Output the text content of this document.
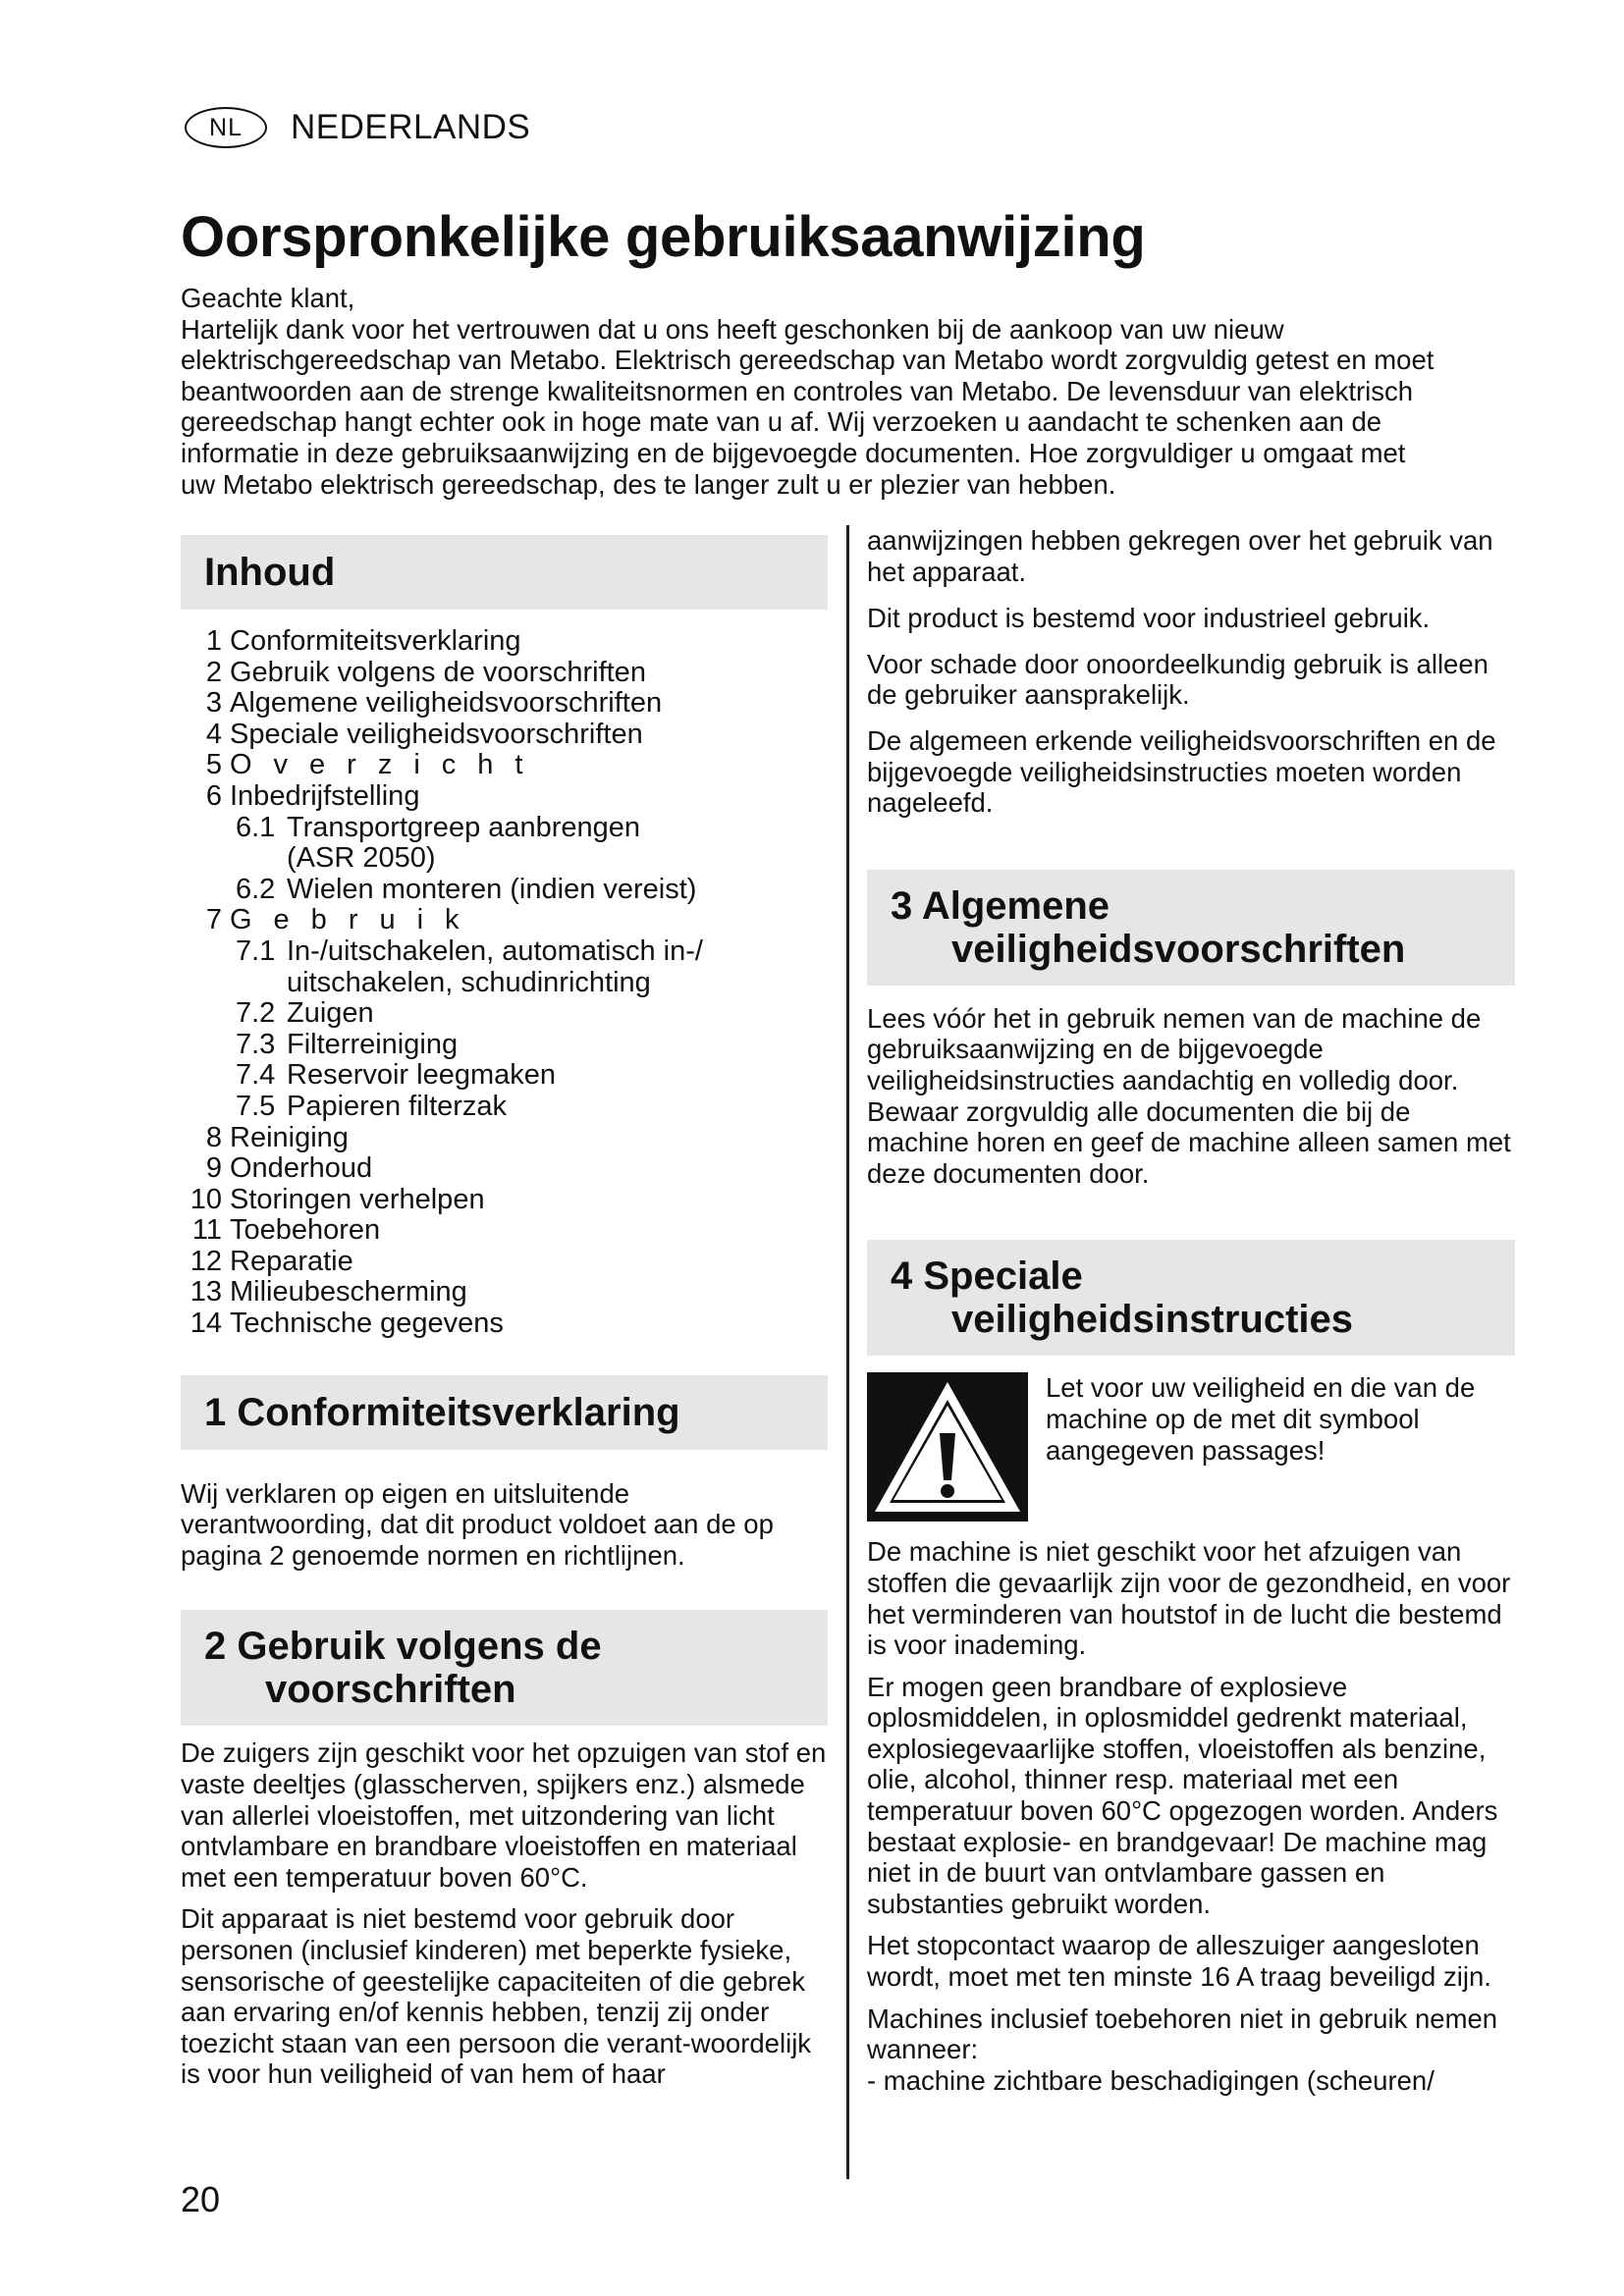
NL	NEDERLANDS
Oorspronkelijke gebruiksaanwijzing

Geachte klant,

Hartelijk dank voor het vertrouwen dat u ons heeft geschonken bij de aankoop van uw nieuw

elektrischgereedschap van Metabo. Elektrisch gereedschap van Metabo wordt zorgvuldig getest en moet

beantwoorden aan de strenge kwaliteitsnormen en controles van Metabo. De levensduur van elektrisch

gereedschap hangt echter ook in hoge mate van u af. Wij verzoeken u aandacht te schenken aan de

informatie in deze gebruiksaanwijzing en de bijgevoegde documenten. Hoe zorgvuldiger u omgaat met

uw Metabo elektrisch gereedschap, des te langer zult u er plezier van hebben.

Inhoud
1 Conformiteitsverklaring
2 Gebruik volgens de voorschriften
3 Algemene veiligheidsvoorschriften
4 Speciale veiligheidsvoorschriften
5 Overzicht
6 Inbedrijfstelling
6.1 Transportgreep aanbrengen
(ASR 2050)
6.2 Wielen monteren (indien vereist)
7 Gebruik
7.1 In-/uitschakelen, automatisch in-/
uitschakelen, schudinrichting
7.2 Zuigen
7.3 Filterreiniging
7.4 Reservoir leegmaken
7.5 Papieren filterzak
8 Reiniging
9 Onderhoud
10 Storingen verhelpen
11 Toebehoren
12 Reparatie
13 Milieubescherming
14 Technische gegevens
1 Conformiteitsverklaring

Wij verklaren op eigen en uitsluitende verantwoording, dat dit product voldoet aan de op pagina 2 genoemde normen en richtlijnen.

2 Gebruik volgens de
voorschriften

De zuigers zijn geschikt voor het opzuigen van stof en vaste deeltjes (glasscherven, spijkers enz.) alsmede van allerlei vloeistoffen, met uitzondering van licht ontvlambare en brandbare vloeistoffen en materiaal met een temperatuur boven 60°C.

Dit apparaat is niet bestemd voor gebruik door personen (inclusief kinderen) met beperkte fysieke, sensorische of geestelijke capaciteiten of die gebrek aan ervaring en/of kennis hebben, tenzij zij onder toezicht staan van een persoon die verant-woordelijk is voor hun veiligheid of van hem of haar

aanwijzingen hebben gekregen over het gebruik van het apparaat.

Dit product is bestemd voor industrieel gebruik.

Voor schade door onoordeelkundig gebruik is alleen de gebruiker aansprakelijk.

De algemeen erkende veiligheidsvoorschriften en de bijgevoegde veiligheidsinstructies moeten worden nageleefd.

3 Algemene
veiligheidsvoorschriften

Lees vóór het in gebruik nemen van de machine de gebruiksaanwijzing en de bijgevoegde veiligheidsinstructies aandachtig en volledig door. Bewaar zorgvuldig alle documenten die bij de machine horen en geef de machine alleen samen met deze documenten door.

4 Speciale
veiligheidsinstructies

Let voor uw veiligheid en die van de machine op de met dit symbool aangegeven passages!

De machine is niet geschikt voor het afzuigen van stoffen die gevaarlijk zijn voor de gezondheid, en voor het verminderen van houtstof in de lucht die bestemd is voor inademing.

Er mogen geen brandbare of explosieve oplosmiddelen, in oplosmiddel gedrenkt materiaal, explosiegevaarlijke stoffen, vloeistoffen als benzine, olie, alcohol, thinner resp. materiaal met een temperatuur boven 60°C opgezogen worden. Anders bestaat explosie- en brandgevaar! De machine mag niet in de buurt van ontvlambare gassen en substanties gebruikt worden.

Het stopcontact waarop de alleszuiger aangesloten wordt, moet met ten minste 16 A traag beveiligd zijn.

Machines inclusief toebehoren niet in gebruik nemen wanneer:

- machine zichtbare beschadigingen (scheuren/

20
